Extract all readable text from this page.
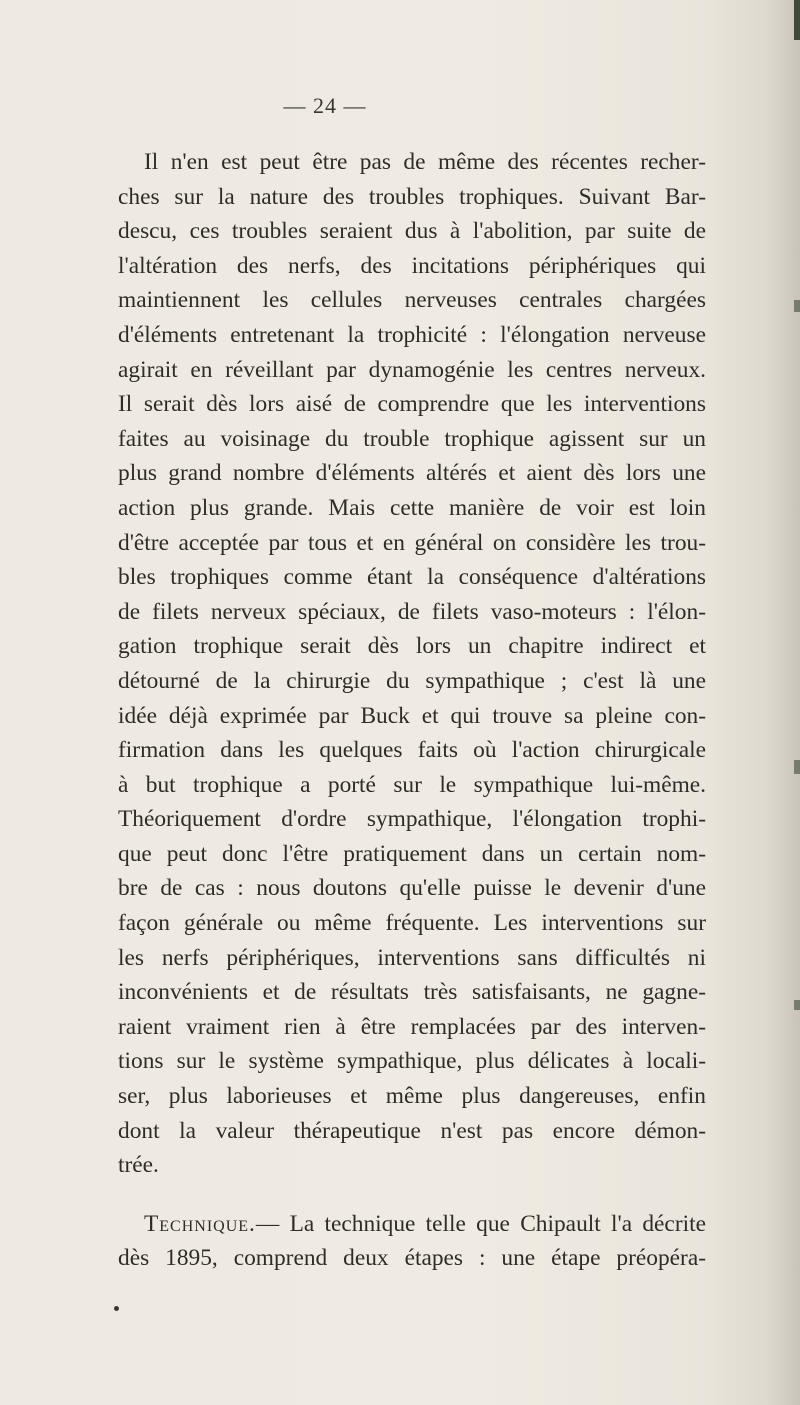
— 24 —
Il n'en est peut être pas de même des récentes recher-
ches sur la nature des troubles trophiques. Suivant Bar-
descu, ces troubles seraient dus à l'abolition, par suite de
l'altération des nerfs, des incitations périphériques qui
maintiennent les cellules nerveuses centrales chargées
d'éléments entretenant la trophicité : l'élongation nerveuse
agirait en réveillant par dynamogénie les centres nerveux.
Il serait dès lors aisé de comprendre que les interventions
faites au voisinage du trouble trophique agissent sur un
plus grand nombre d'éléments altérés et aient dès lors une
action plus grande. Mais cette manière de voir est loin
d'être acceptée par tous et en général on considère les trou-
bles trophiques comme étant la conséquence d'altérations
de filets nerveux spéciaux, de filets vaso-moteurs : l'élon-
gation trophique serait dès lors un chapitre indirect et
détourné de la chirurgie du sympathique ; c'est là une
idée déjà exprimée par Buck et qui trouve sa pleine con-
firmation dans les quelques faits où l'action chirurgicale
à but trophique a porté sur le sympathique lui-même.
Théoriquement d'ordre sympathique, l'élongation trophi-
que peut donc l'être pratiquement dans un certain nom-
bre de cas : nous doutons qu'elle puisse le devenir d'une
façon générale ou même fréquente. Les interventions sur
les nerfs périphériques, interventions sans difficultés ni
inconvénients et de résultats très satisfaisants, ne gagne-
raient vraiment rien à être remplacées par des interven-
tions sur le système sympathique, plus délicates à locali-
ser, plus laborieuses et même plus dangereuses, enfin
dont la valeur thérapeutique n'est pas encore démon-
trée.
Technique.— La technique telle que Chipault l'a décrite
dès 1895, comprend deux étapes : une étape préopéra-
